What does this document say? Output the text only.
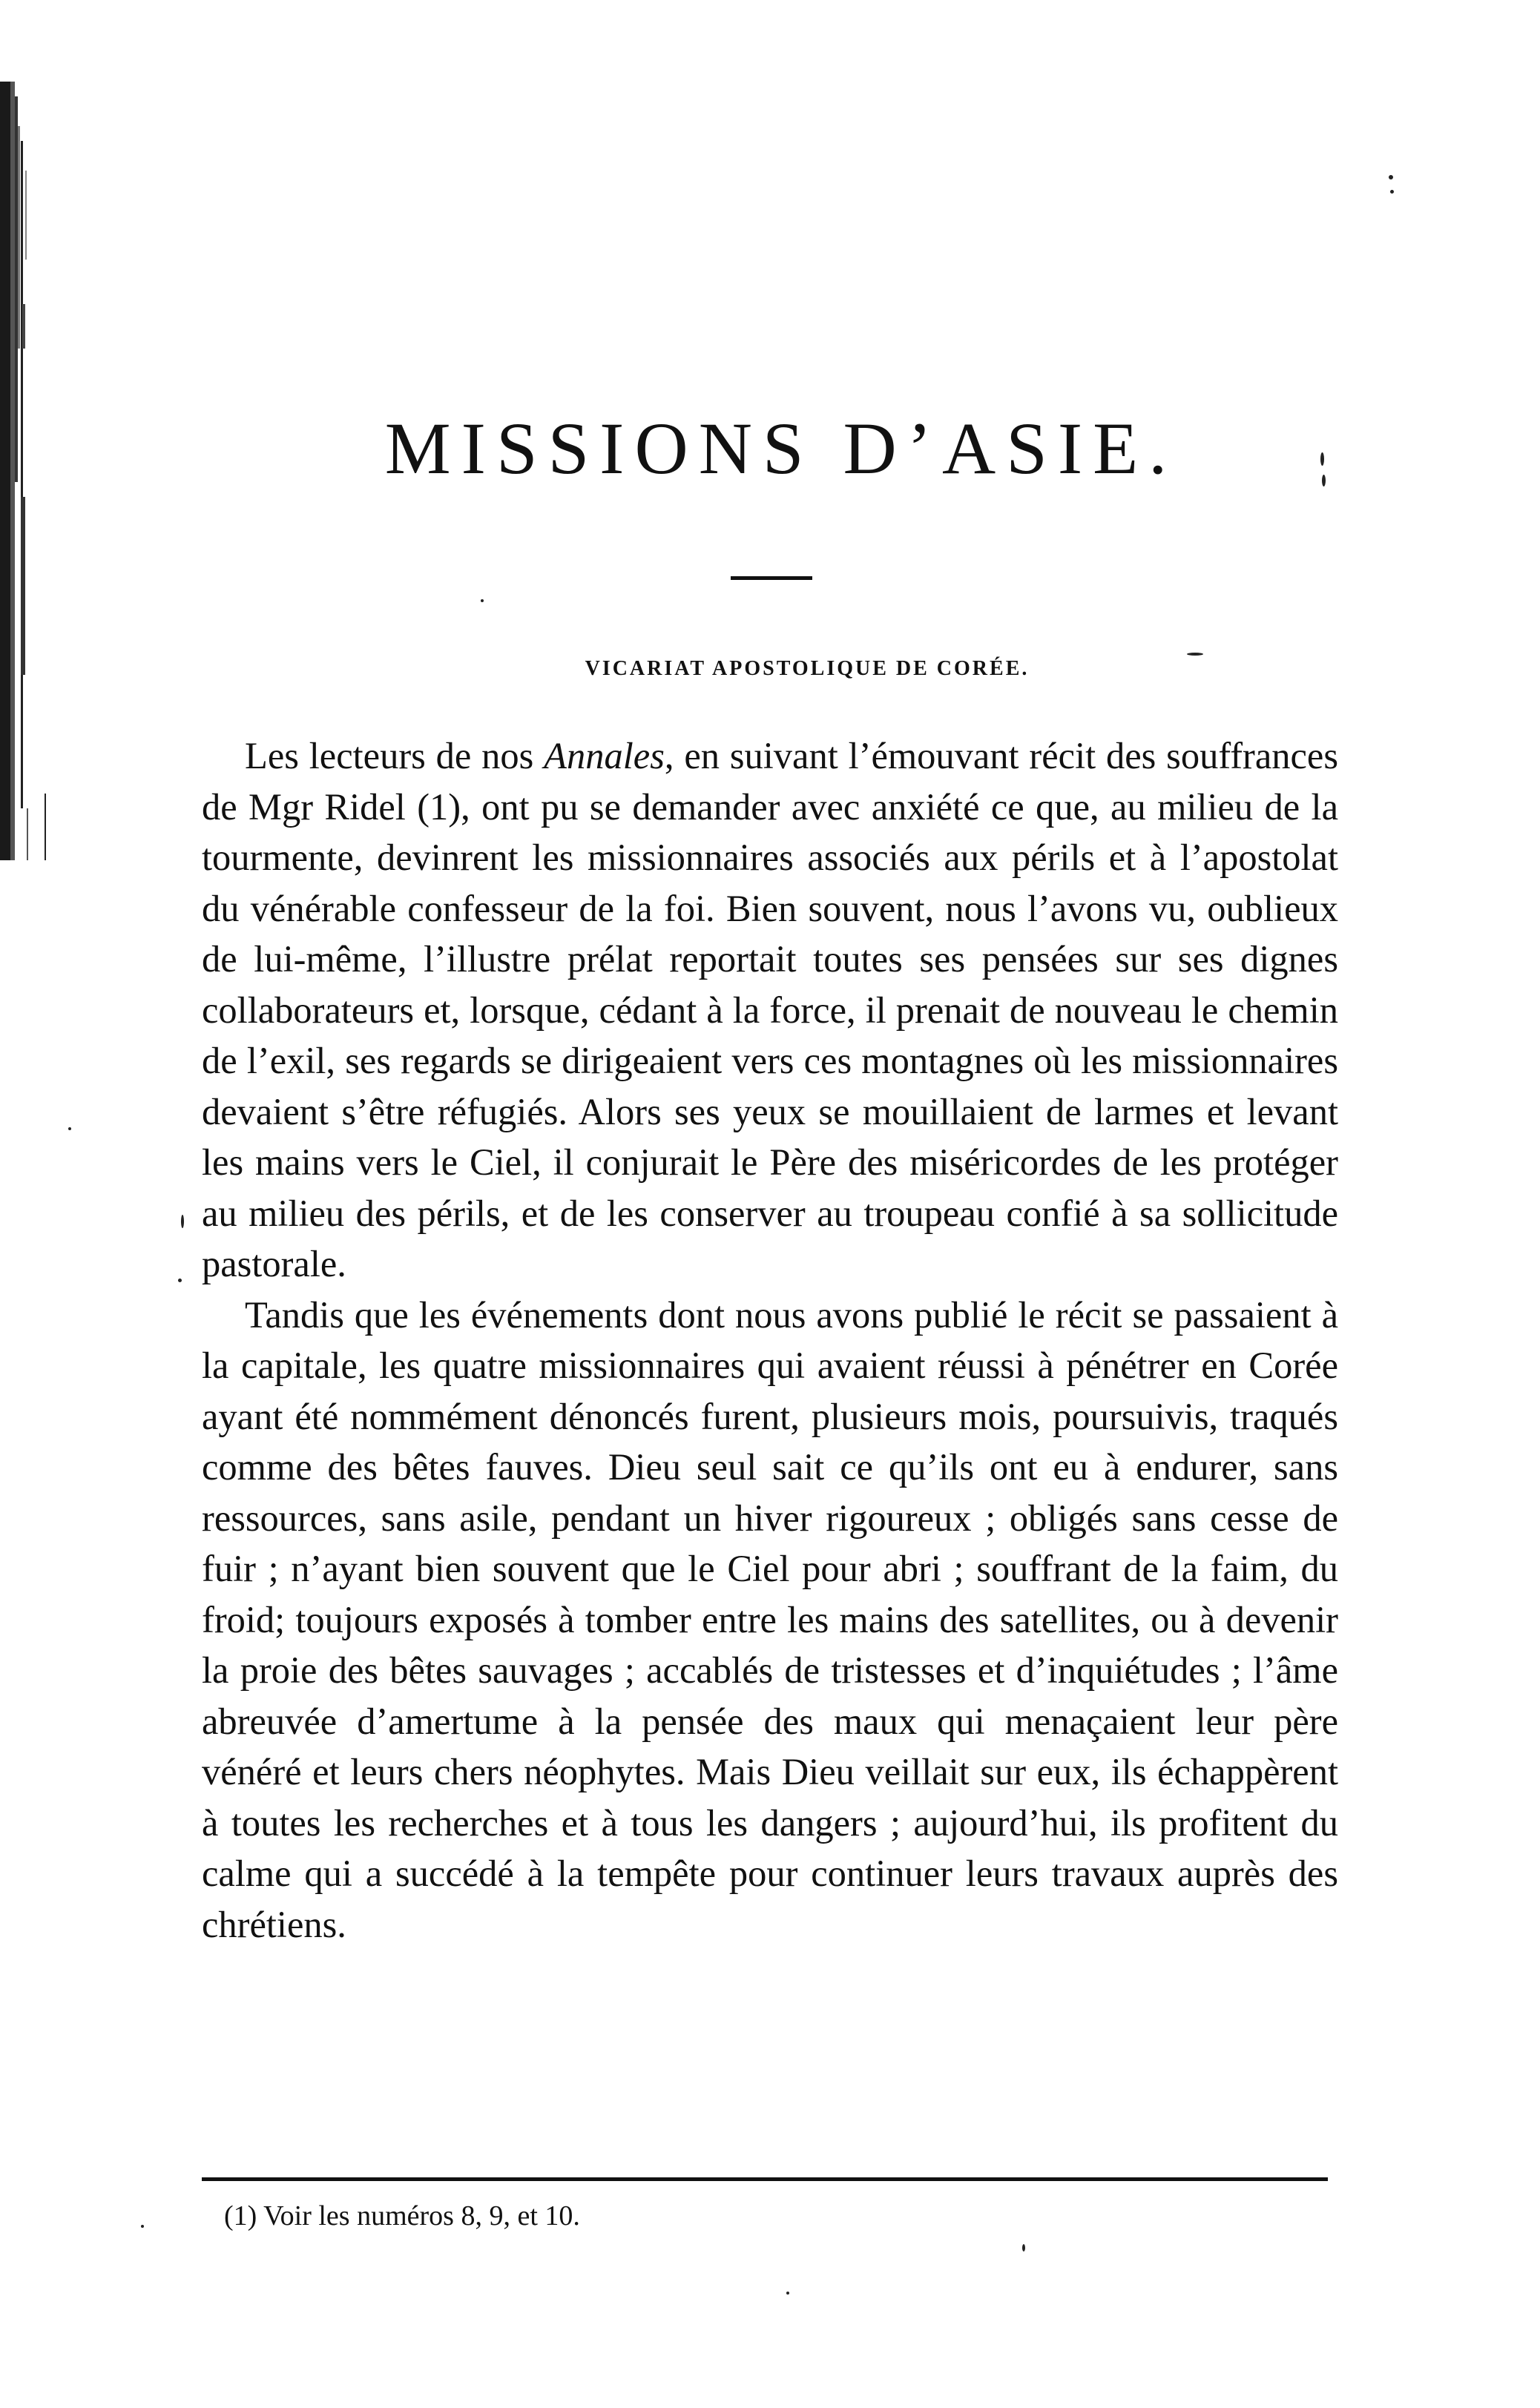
MISSIONS D’ASIE.
VICARIAT APOSTOLIQUE DE CORÉE.

Les lecteurs de nos Annales, en suivant l’émouvant récit des souffrances de Mgr Ridel (1), ont pu se demander avec anxiété ce que, au milieu de la tourmente, devinrent les missionnaires associés aux périls et à l’apostolat du vénérable confesseur de la foi. Bien souvent, nous l’avons vu, oublieux de lui-même, l’illustre prélat reportait toutes ses pensées sur ses dignes collaborateurs et, lorsque, cédant à la force, il prenait de nouveau le chemin de l’exil, ses regards se dirigeaient vers ces montagnes où les missionnaires devaient s’être réfugiés. Alors ses yeux se mouillaient de larmes et levant les mains vers le Ciel, il conjurait le Père des miséricordes de les protéger au milieu des périls, et de les conserver au troupeau confié à sa sollicitude pastorale.

Tandis que les événements dont nous avons publié le récit se passaient à la capitale, les quatre missionnaires qui avaient réussi à pénétrer en Corée ayant été nommément dénoncés furent, plusieurs mois, poursuivis, traqués comme des bêtes fauves. Dieu seul sait ce qu’ils ont eu à endurer, sans ressources, sans asile, pendant un hiver rigoureux ; obligés sans cesse de fuir ; n’ayant bien souvent que le Ciel pour abri ; souffrant de la faim, du froid; toujours exposés à tomber entre les mains des satellites, ou à devenir la proie des bêtes sauvages ; accablés de tristesses et d’inquiétudes ; l’âme abreuvée d’amertume à la pensée des maux qui menaçaient leur père vénéré et leurs chers néophytes. Mais Dieu veillait sur eux, ils échappèrent à toutes les recherches et à tous les dangers ; aujourd’hui, ils profitent du calme qui a succédé à la tempête pour continuer leurs travaux auprès des chrétiens.

(1) Voir les numéros 8, 9, et 10.
